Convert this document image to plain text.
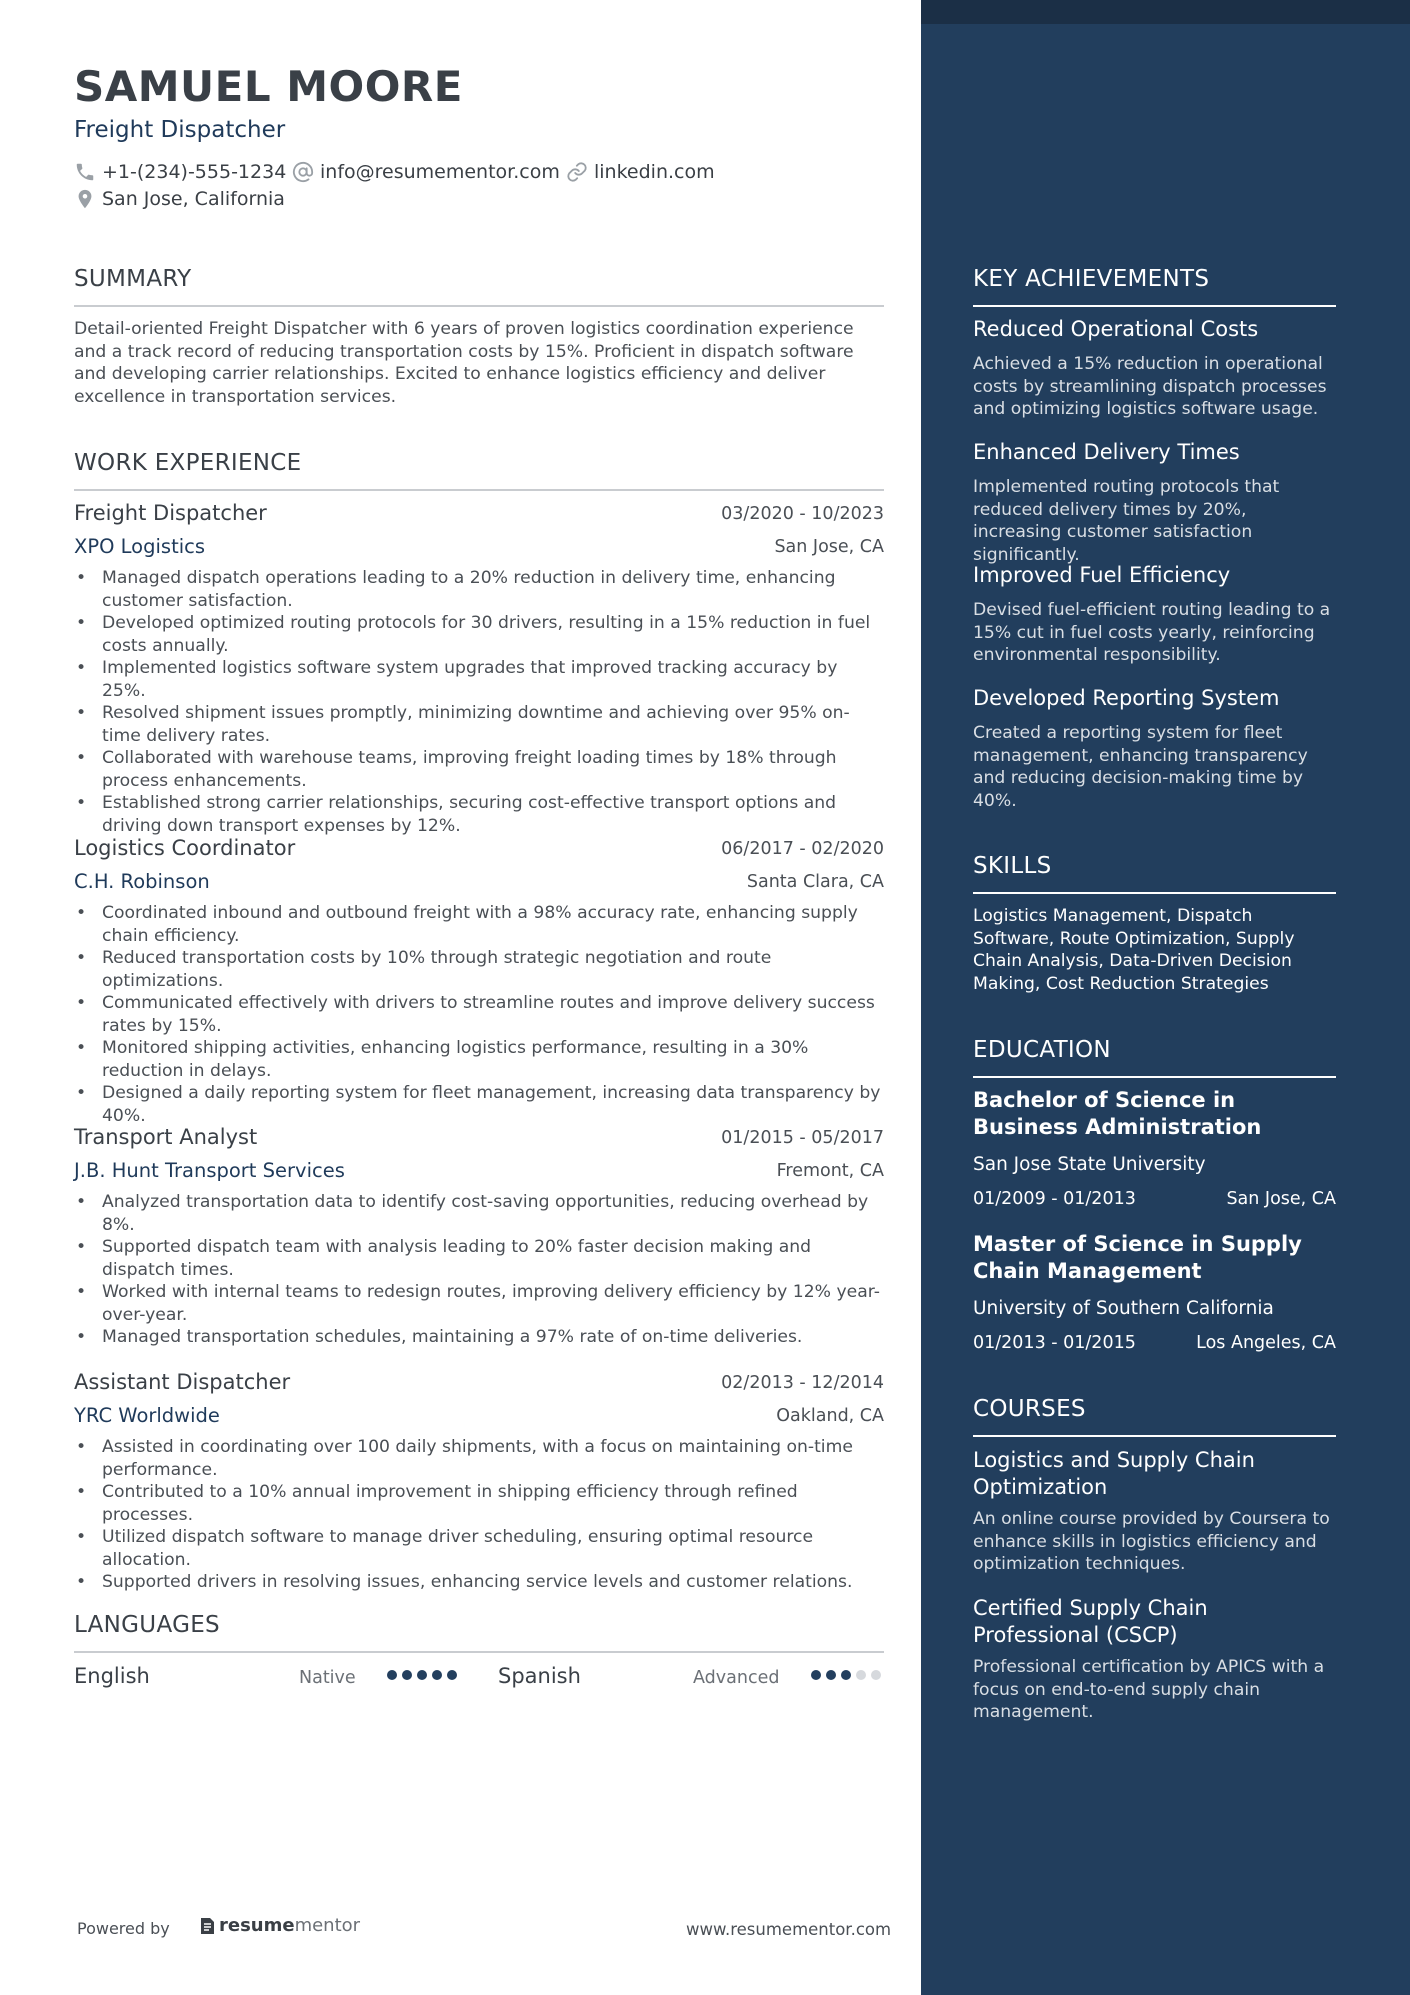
SAMUEL MOORE
Freight Dispatcher
+1-(234)-555-1234 info@resumementor.com linkedin.com
San Jose, California
SUMMARY
Detail-oriented Freight Dispatcher with 6 years of proven logistics coordination experience and a track record of reducing transportation costs by 15%. Proficient in dispatch software and developing carrier relationships. Excited to enhance logistics efficiency and deliver excellence in transportation services.
WORK EXPERIENCE
Freight Dispatcher	03/2020 - 10/2023
XPO Logistics	San Jose, CA
• Managed dispatch operations leading to a 20% reduction in delivery time, enhancing customer satisfaction.
• Developed optimized routing protocols for 30 drivers, resulting in a 15% reduction in fuel costs annually.
• Implemented logistics software system upgrades that improved tracking accuracy by 25%.
• Resolved shipment issues promptly, minimizing downtime and achieving over 95% on-time delivery rates.
• Collaborated with warehouse teams, improving freight loading times by 18% through process enhancements.
• Established strong carrier relationships, securing cost-effective transport options and driving down transport expenses by 12%.
Logistics Coordinator	06/2017 - 02/2020
C.H. Robinson	Santa Clara, CA
• Coordinated inbound and outbound freight with a 98% accuracy rate, enhancing supply chain efficiency.
• Reduced transportation costs by 10% through strategic negotiation and route optimizations.
• Communicated effectively with drivers to streamline routes and improve delivery success rates by 15%.
• Monitored shipping activities, enhancing logistics performance, resulting in a 30% reduction in delays.
• Designed a daily reporting system for fleet management, increasing data transparency by 40%.
Transport Analyst	01/2015 - 05/2017
J.B. Hunt Transport Services	Fremont, CA
• Analyzed transportation data to identify cost-saving opportunities, reducing overhead by 8%.
• Supported dispatch team with analysis leading to 20% faster decision making and dispatch times.
• Worked with internal teams to redesign routes, improving delivery efficiency by 12% year-over-year.
• Managed transportation schedules, maintaining a 97% rate of on-time deliveries.
Assistant Dispatcher	02/2013 - 12/2014
YRC Worldwide	Oakland, CA
• Assisted in coordinating over 100 daily shipments, with a focus on maintaining on-time performance.
• Contributed to a 10% annual improvement in shipping efficiency through refined processes.
• Utilized dispatch software to manage driver scheduling, ensuring optimal resource allocation.
• Supported drivers in resolving issues, enhancing service levels and customer relations.
LANGUAGES
English	Native	Spanish	Advanced
Powered by	resume mentor	www.resumementor.com
KEY ACHIEVEMENTS
Reduced Operational Costs
Achieved a 15% reduction in operational costs by streamlining dispatch processes and optimizing logistics software usage.
Enhanced Delivery Times
Implemented routing protocols that reduced delivery times by 20%, increasing customer satisfaction significantly.
Improved Fuel Efficiency
Devised fuel-efficient routing leading to a 15% cut in fuel costs yearly, reinforcing environmental responsibility.
Developed Reporting System
Created a reporting system for fleet management, enhancing transparency and reducing decision-making time by 40%.
SKILLS
Logistics Management, Dispatch Software, Route Optimization, Supply Chain Analysis, Data-Driven Decision Making, Cost Reduction Strategies
EDUCATION
Bachelor of Science in Business Administration
San Jose State University
01/2009 - 01/2013	San Jose, CA
Master of Science in Supply Chain Management
University of Southern California
01/2013 - 01/2015	Los Angeles, CA
COURSES
Logistics and Supply Chain Optimization
An online course provided by Coursera to enhance skills in logistics efficiency and optimization techniques.
Certified Supply Chain Professional (CSCP)
Professional certification by APICS with a focus on end-to-end supply chain management.
